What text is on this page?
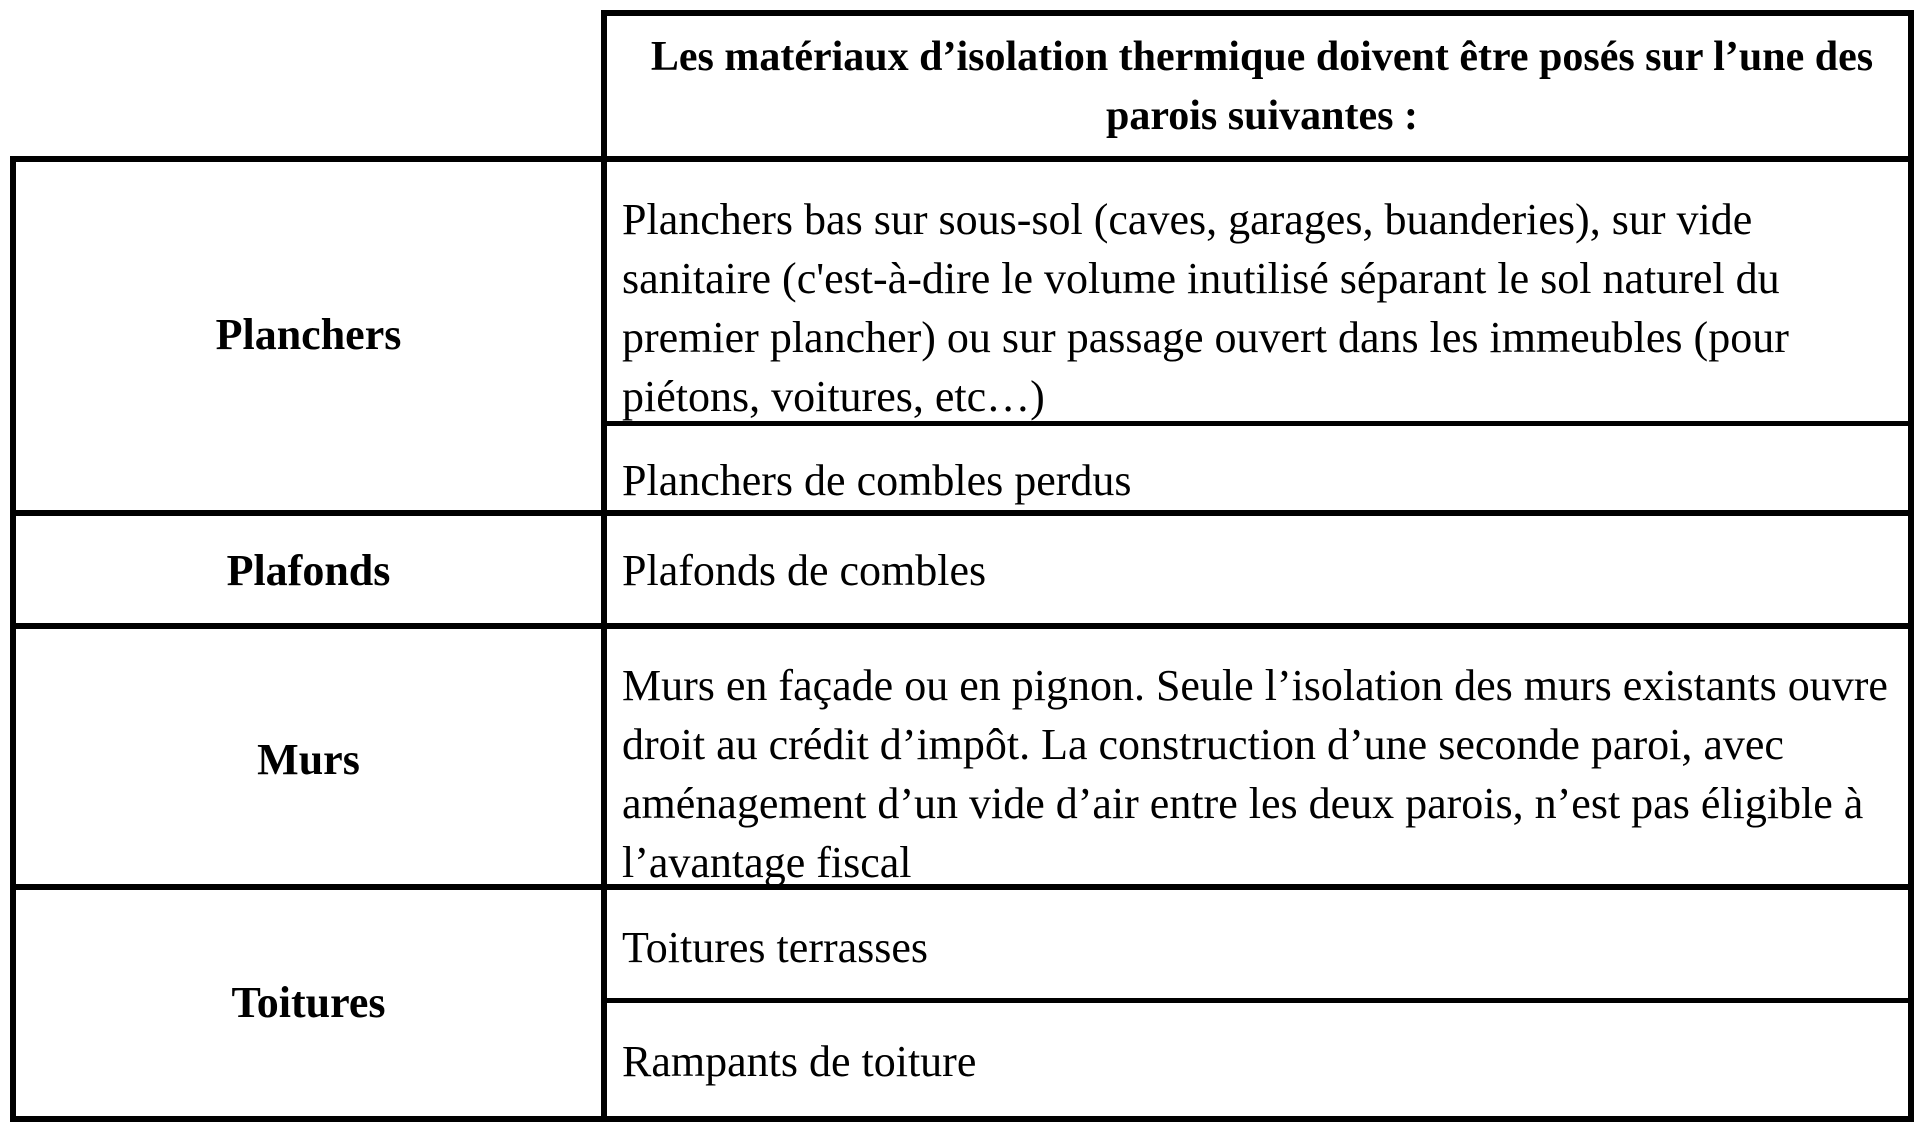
Les matériaux d’isolation thermique doivent être posés sur l’une des parois suivantes :
Planchers
Plafonds
Murs
Toitures
Planchers bas sur sous-sol (caves, garages, buanderies), sur vide sanitaire (c'est-à-dire le volume inutilisé séparant le sol naturel du premier plancher) ou sur passage ouvert dans les immeubles (pour piétons, voitures, etc…)
Planchers de combles perdus
Plafonds de combles
Murs en façade ou en pignon. Seule l’isolation des murs existants ouvre droit au crédit d’impôt. La construction d’une seconde paroi, avec aménagement d’un vide d’air entre les deux parois, n’est pas éligible à l’avantage fiscal
Toitures terrasses
Rampants de toiture
